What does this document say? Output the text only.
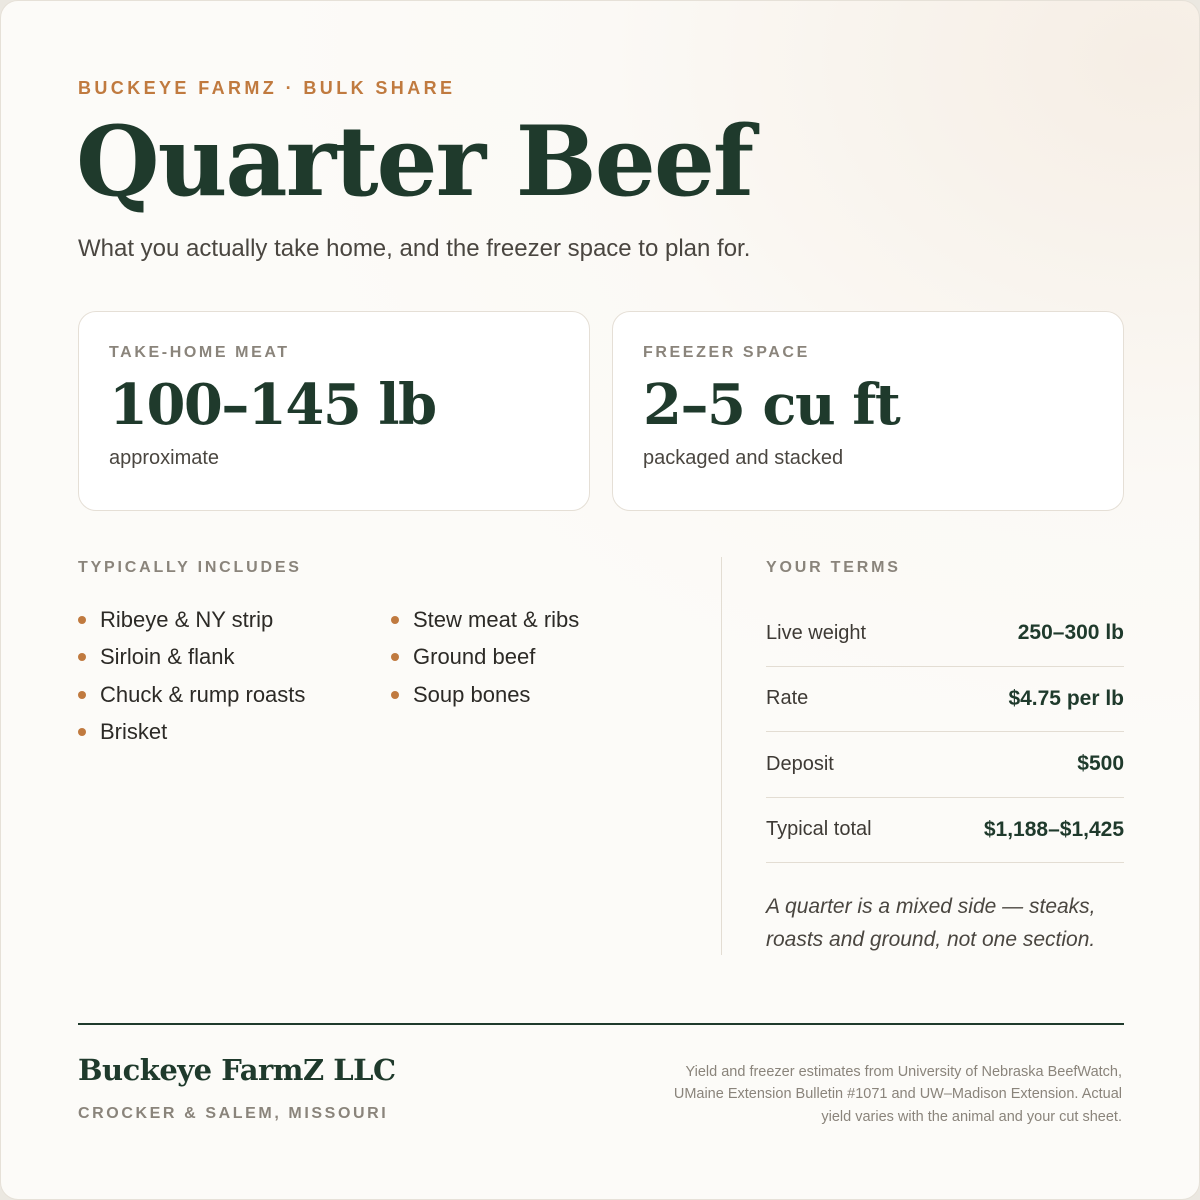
BUCKEYE FARMZ · BULK SHARE
Quarter Beef

What you actually take home, and the freezer space to plan for.

TAKE-HOME MEAT
100–145 lb
approximate
FREEZER SPACE
2–5 cu ft
packaged and stacked
TYPICALLY INCLUDES
Ribeye & NY strip
Sirloin & flank
Chuck & rump roasts
Brisket
Stew meat & ribs
Ground beef
Soup bones
YOUR TERMS
Live weight	250–300 lb
Rate	$4.75 per lb
Deposit	$500
Typical total	$1,188–$1,425

A quarter is a mixed side — steaks, roasts and ground, not one section.

Buckeye FarmZ LLC
CROCKER & SALEM, MISSOURI

Yield and freezer estimates from University of Nebraska BeefWatch, UMaine Extension Bulletin #1071 and UW–Madison Extension. Actual yield varies with the animal and your cut sheet.
